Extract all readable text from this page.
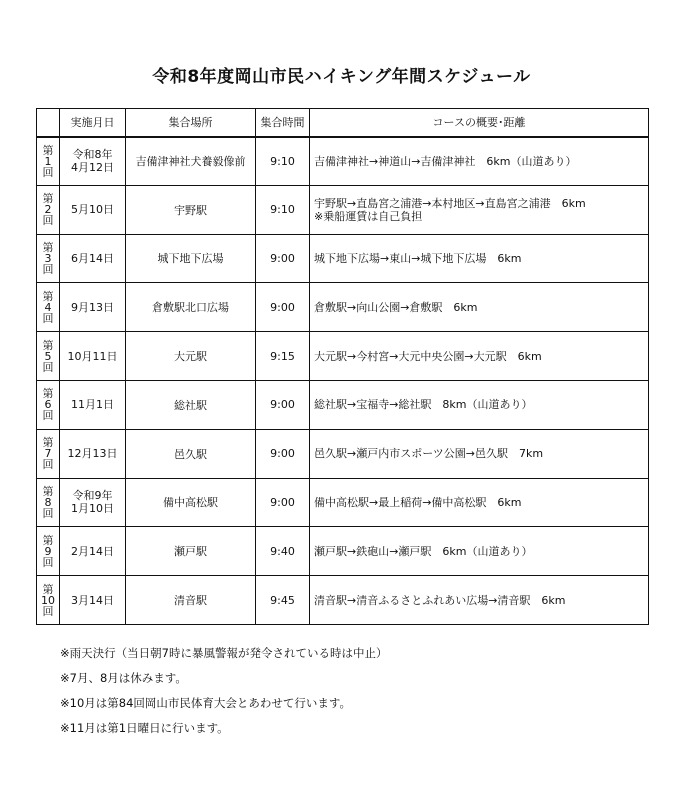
令和8年度岡山市民ハイキング年間スケジュール
	実施月日	集合場所	集合時間	コースの概要･距離

第
1
回	令和8年
4月12日	吉備津神社犬養毅像前	9:10	吉備津神社→神道山→吉備津神社　6km（山道あり）

第
2
回	5月10日	宇野駅	9:10	宇野駅→直島宮之浦港→本村地区→直島宮之浦港　6km
※乗船運賃は自己負担

第
3
回	6月14日	城下地下広場	9:00	城下地下広場→東山→城下地下広場　6km

第
4
回	9月13日	倉敷駅北口広場	9:00	倉敷駅→向山公園→倉敷駅　6km

第
5
回	10月11日	大元駅	9:15	大元駅→今村宮→大元中央公園→大元駅　6km

第
6
回	11月1日	総社駅	9:00	総社駅→宝福寺→総社駅　8km（山道あり）

第
7
回	12月13日	邑久駅	9:00	邑久駅→瀬戸内市スポーツ公園→邑久駅　7km

第
8
回	令和9年
1月10日	備中高松駅	9:00	備中高松駅→最上稲荷→備中高松駅　6km

第
9
回	2月14日	瀬戸駅	9:40	瀬戸駅→鉄砲山→瀬戸駅　6km（山道あり）

第
10
回	3月14日	清音駅	9:45	清音駅→清音ふるさとふれあい広場→清音駅　6km
※雨天決行（当日朝7時に暴風警報が発令されている時は中止）
※7月、8月は休みます。
※10月は第84回岡山市民体育大会とあわせて行います。
※11月は第1日曜日に行います。
